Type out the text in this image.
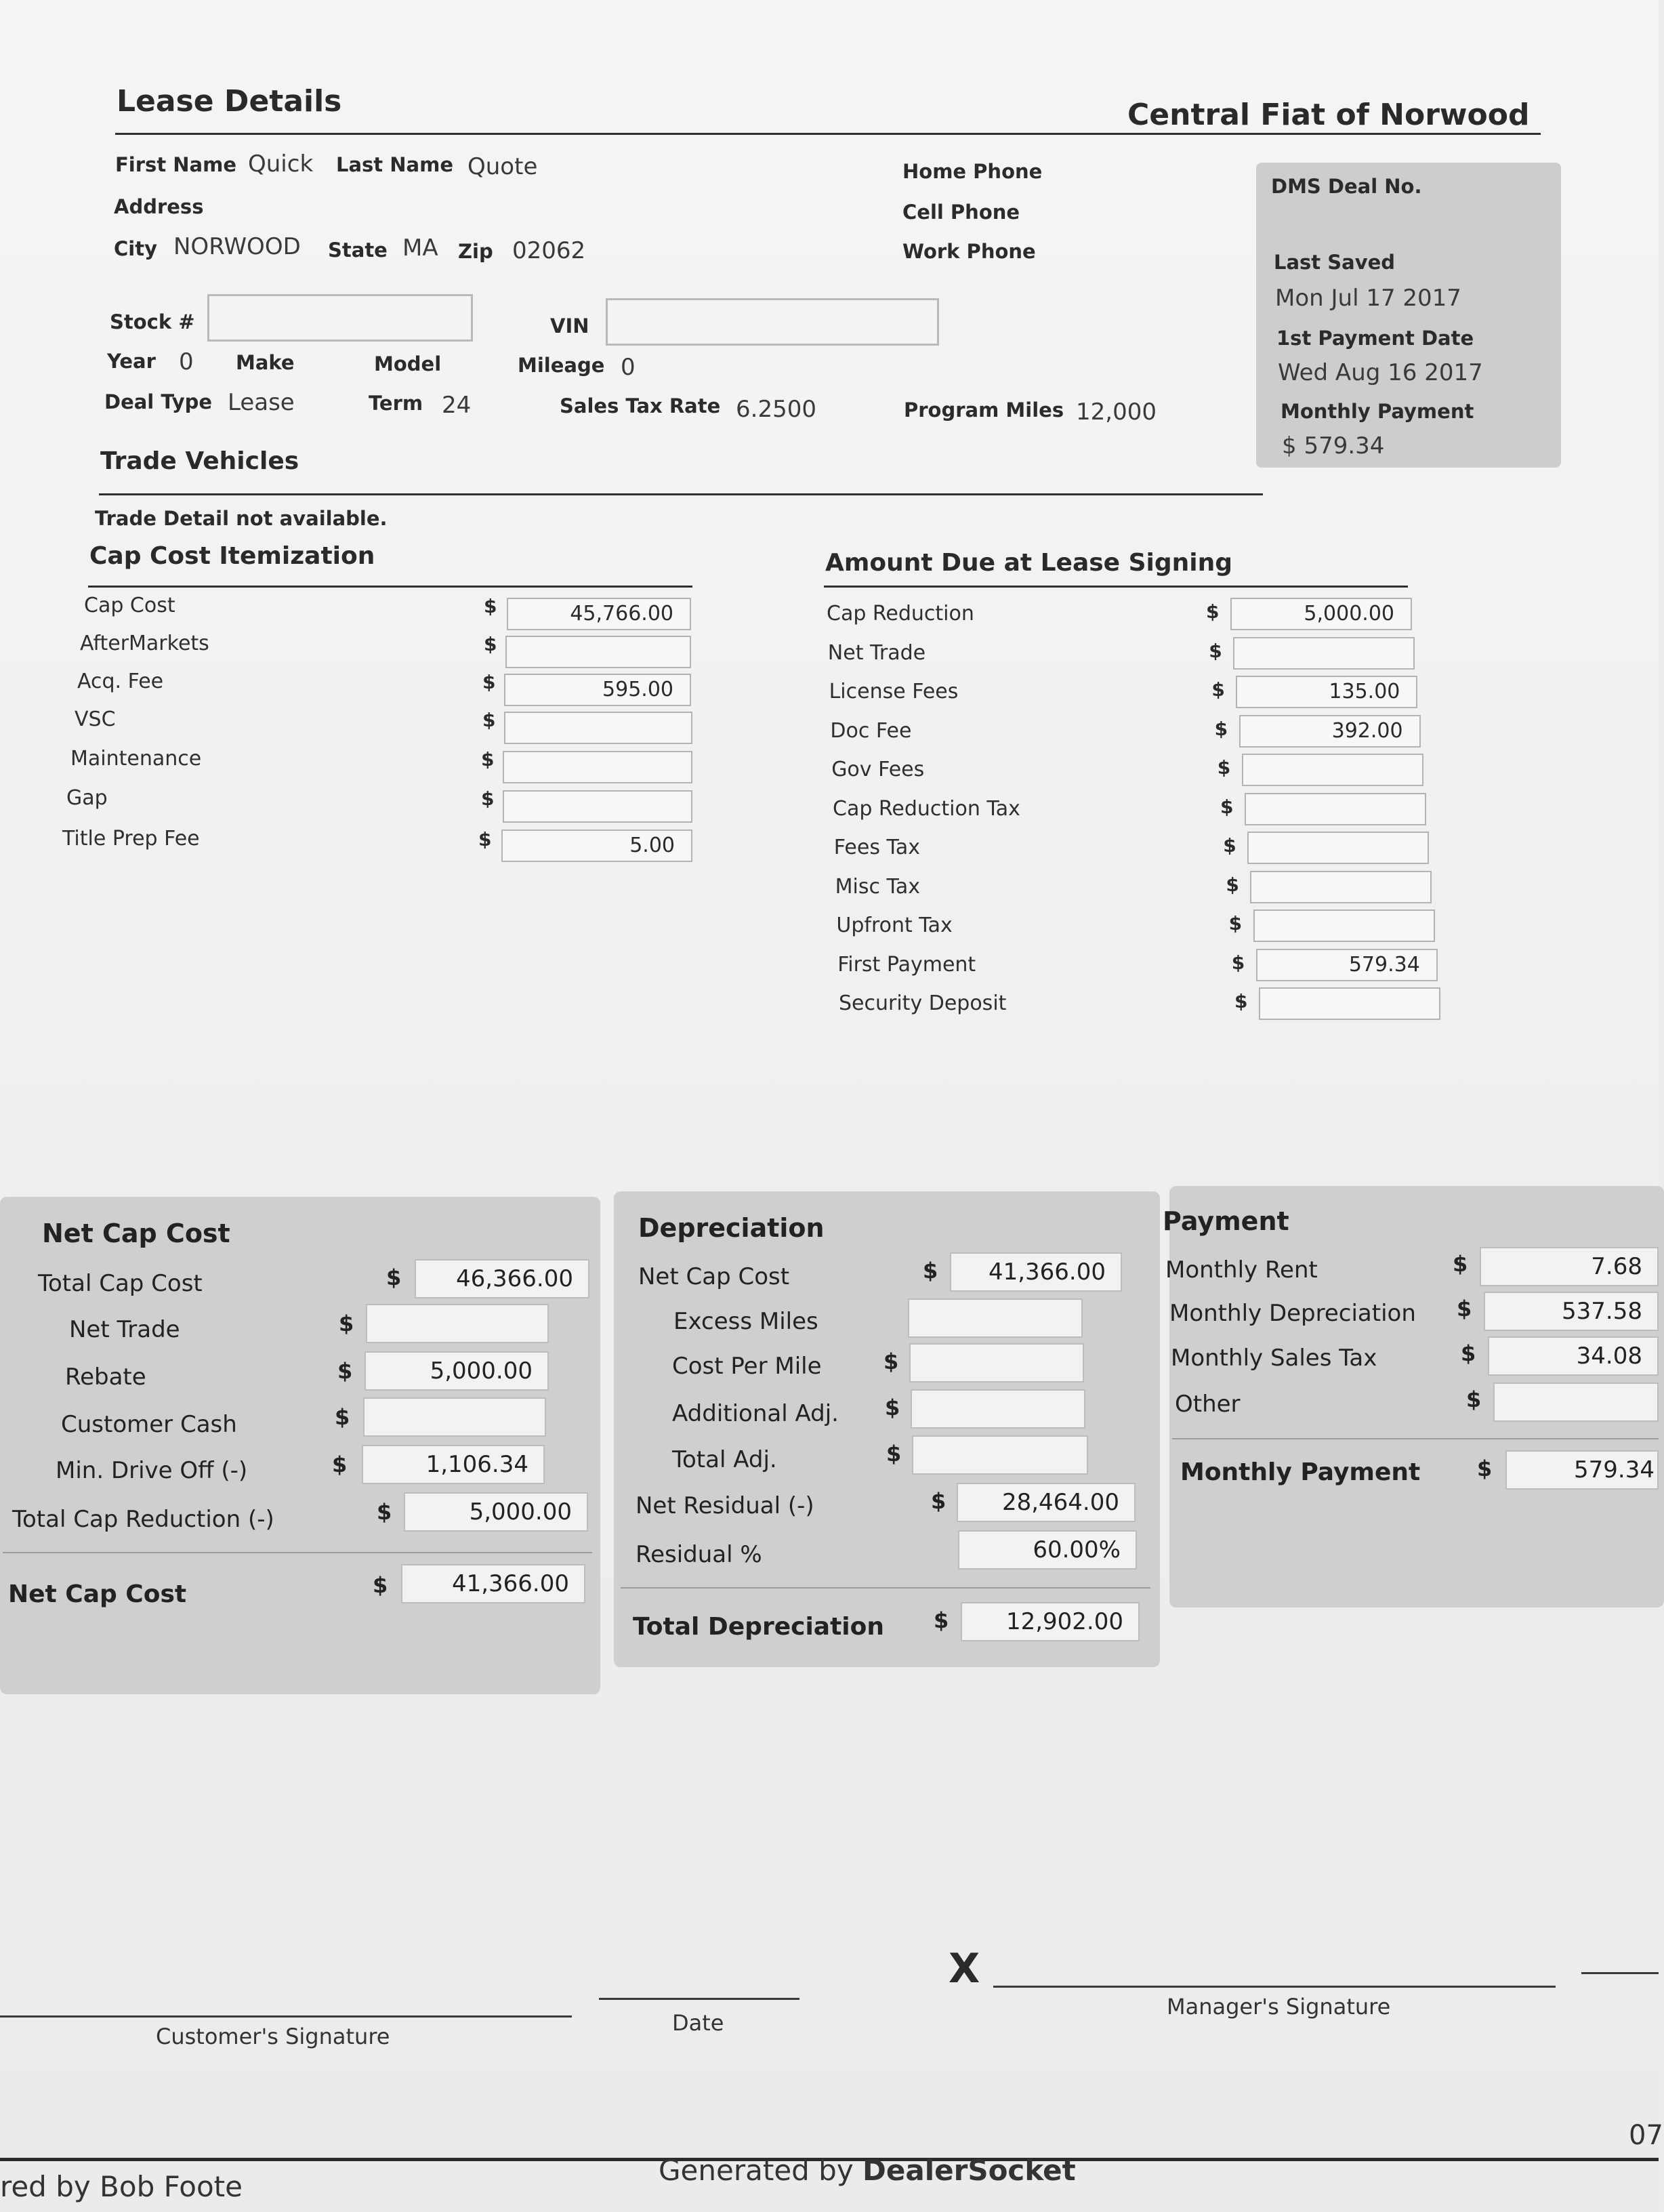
Lease Details	Central Fiat of Norwood
First Name Quick Last Name Quote
Address
City NORWOOD State MA Zip 02062
Home Phone
Cell Phone
Work Phone
DMS Deal No.
Last Saved
Mon Jul 17 2017
1st Payment Date
Wed Aug 16 2017
Monthly Payment
$ 579.34
Stock #	VIN
Year 0 Make	Model	Mileage 0
Deal Type Lease	Term 24	Sales Tax Rate 6.2500	Program Miles 12,000
Trade Vehicles
Trade Detail not available.
Cap Cost Itemization
Cap Cost	$	45,766.00
AfterMarkets	$
Acq. Fee	$	595.00
VSC	$
Maintenance	$
Gap	$
Title Prep Fee	$	5.00
Amount Due at Lease Signing
Cap Reduction	$	5,000.00
Net Trade	$
License Fees	$	135.00
Doc Fee	$	392.00
Gov Fees	$
Cap Reduction Tax	$
Fees Tax	$
Misc Tax	$
Upfront Tax	$
First Payment	$	579.34
Security Deposit	$
Net Cap Cost
Total Cap Cost	$	46,366.00
Net Trade	$
Rebate	$	5,000.00
Customer Cash	$
Min. Drive Off (-)	$	1,106.34
Total Cap Reduction (-)	$	5,000.00
Net Cap Cost	$	41,366.00
Depreciation
Net Cap Cost	$	41,366.00
Excess Miles
Cost Per Mile	$
Additional Adj. $
Total Adj.	$
Net Residual (-)	$	28,464.00
Residual %	60.00%
Total Depreciation $	12,902.00
Payment
Monthly Rent	$	7.68
Monthly Depreciation $	537.58
Monthly Sales Tax	$	34.08
Other	$
Monthly Payment	$	579.34
Customer's Signature
Date
X
Manager's Signature
red by Bob Foote	Generated by DealerSocket
07
